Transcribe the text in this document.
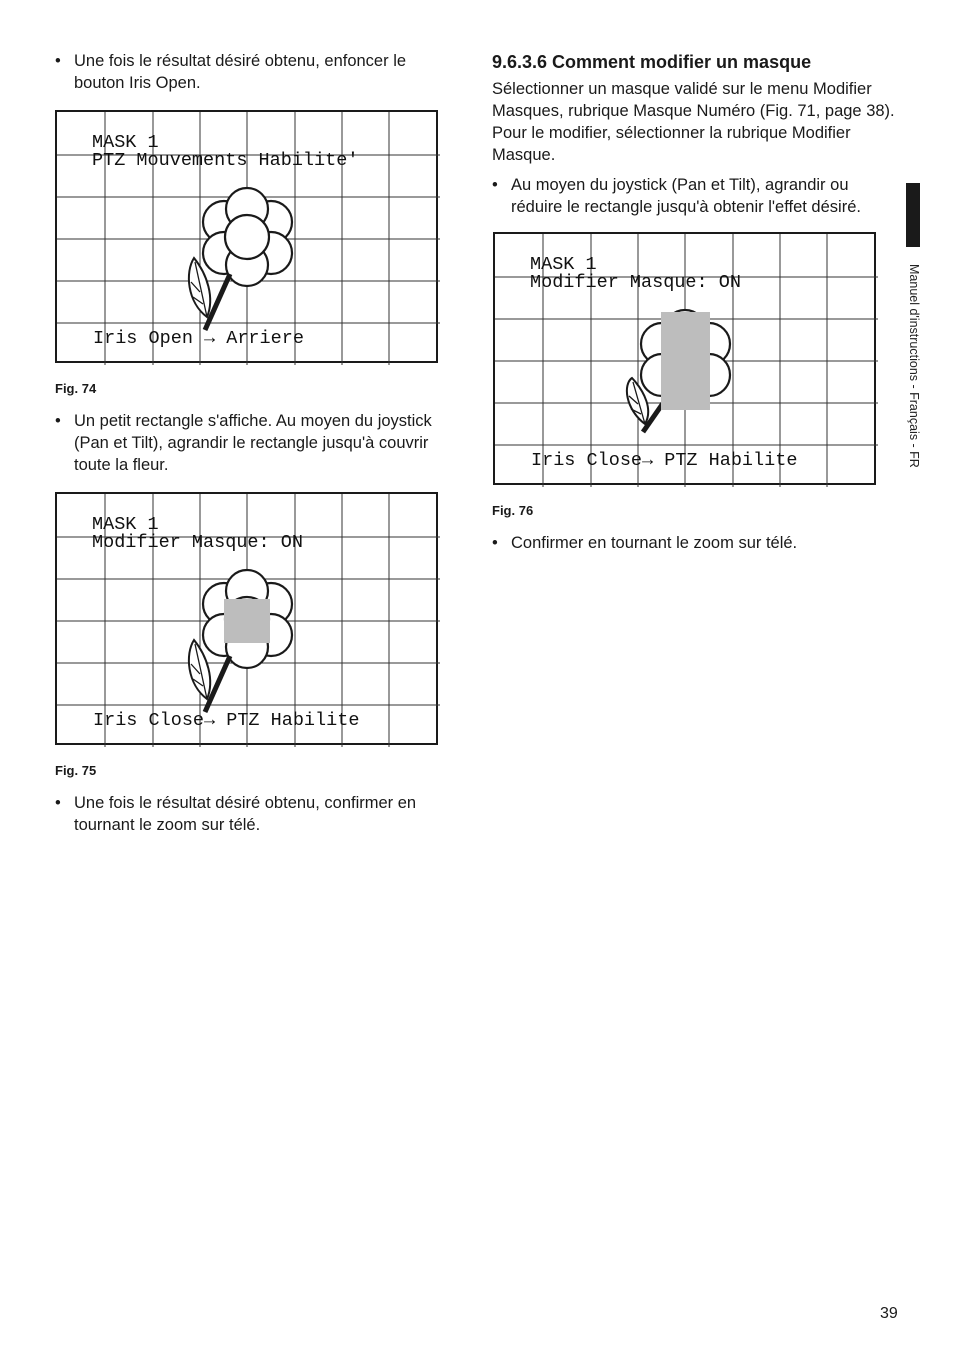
• Une fois le résultat désiré obtenu, enfoncer le bouton Iris Open.

MASK 1
PTZ Mouvements Habilite'
Iris Open → Arriere

Fig. 74

• Un petit rectangle s'affiche. Au moyen du joystick (Pan et Tilt), agrandir le rectangle jusqu'à couvrir toute la fleur.

MASK 1
Modifier Masque: ON
Iris Close→ PTZ Habilite

Fig. 75

• Une fois le résultat désiré obtenu, confirmer en tournant le zoom sur télé.

9.6.3.6 Comment modifier un masque

Sélectionner un masque validé sur le menu Modifier Masques, rubrique Masque Numéro (Fig. 71, page 38). Pour le modifier, sélectionner la rubrique Modifier Masque.

• Au moyen du joystick (Pan et Tilt), agrandir ou réduire le rectangle jusqu'à obtenir l'effet désiré.

MASK 1
Modifier Masque: ON
Iris Close→ PTZ Habilite

Fig. 76

• Confirmer en tournant le zoom sur télé.

Manuel d'instructions - Français - FR
39
